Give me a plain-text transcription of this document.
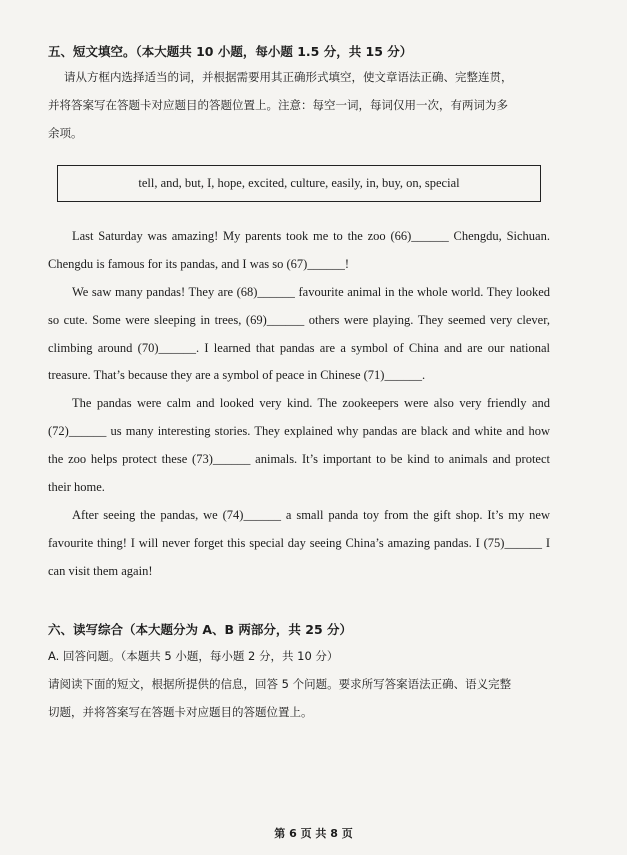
五、短文填空。（本大题共 10 小题，每小题 1.5 分，共 15 分）
请从方框内选择适当的词，并根据需要用其正确形式填空，使文章语法正确、完整连贯，
并将答案写在答题卡对应题目的答题位置上。注意：每空一词，每词仅用一次，有两词为多
余项。
tell, and, but, I, hope, excited, culture, easily, in, buy, on, special
Last Saturday was amazing! My parents took me to the zoo (66)______ Chengdu, Sichuan.
Chengdu is famous for its pandas, and I was so (67)______!
We saw many pandas! They are (68)______ favourite animal in the whole world. They looked
so cute. Some were sleeping in trees, (69)______ others were playing. They seemed very clever,
climbing around (70)______. I learned that pandas are a symbol of China and are our national
treasure. That’s because they are a symbol of peace in Chinese (71)______.
The pandas were calm and looked very kind. The zookeepers were also very friendly and
(72)______ us many interesting stories. They explained why pandas are black and white and how
the zoo helps protect these (73)______ animals. It’s important to be kind to animals and protect
their home.
After seeing the pandas, we (74)______ a small panda toy from the gift shop. It’s my new
favourite thing! I will never forget this special day seeing China’s amazing pandas. I (75)______ I
can visit them again!
六、读写综合（本大题分为 A、B 两部分，共 25 分）
A. 回答问题。（本题共 5 小题，每小题 2 分，共 10 分）
请阅读下面的短文，根据所提供的信息，回答 5 个问题。要求所写答案语法正确、语义完整
切题，并将答案写在答题卡对应题目的答题位置上。
第 6 页 共 8 页
